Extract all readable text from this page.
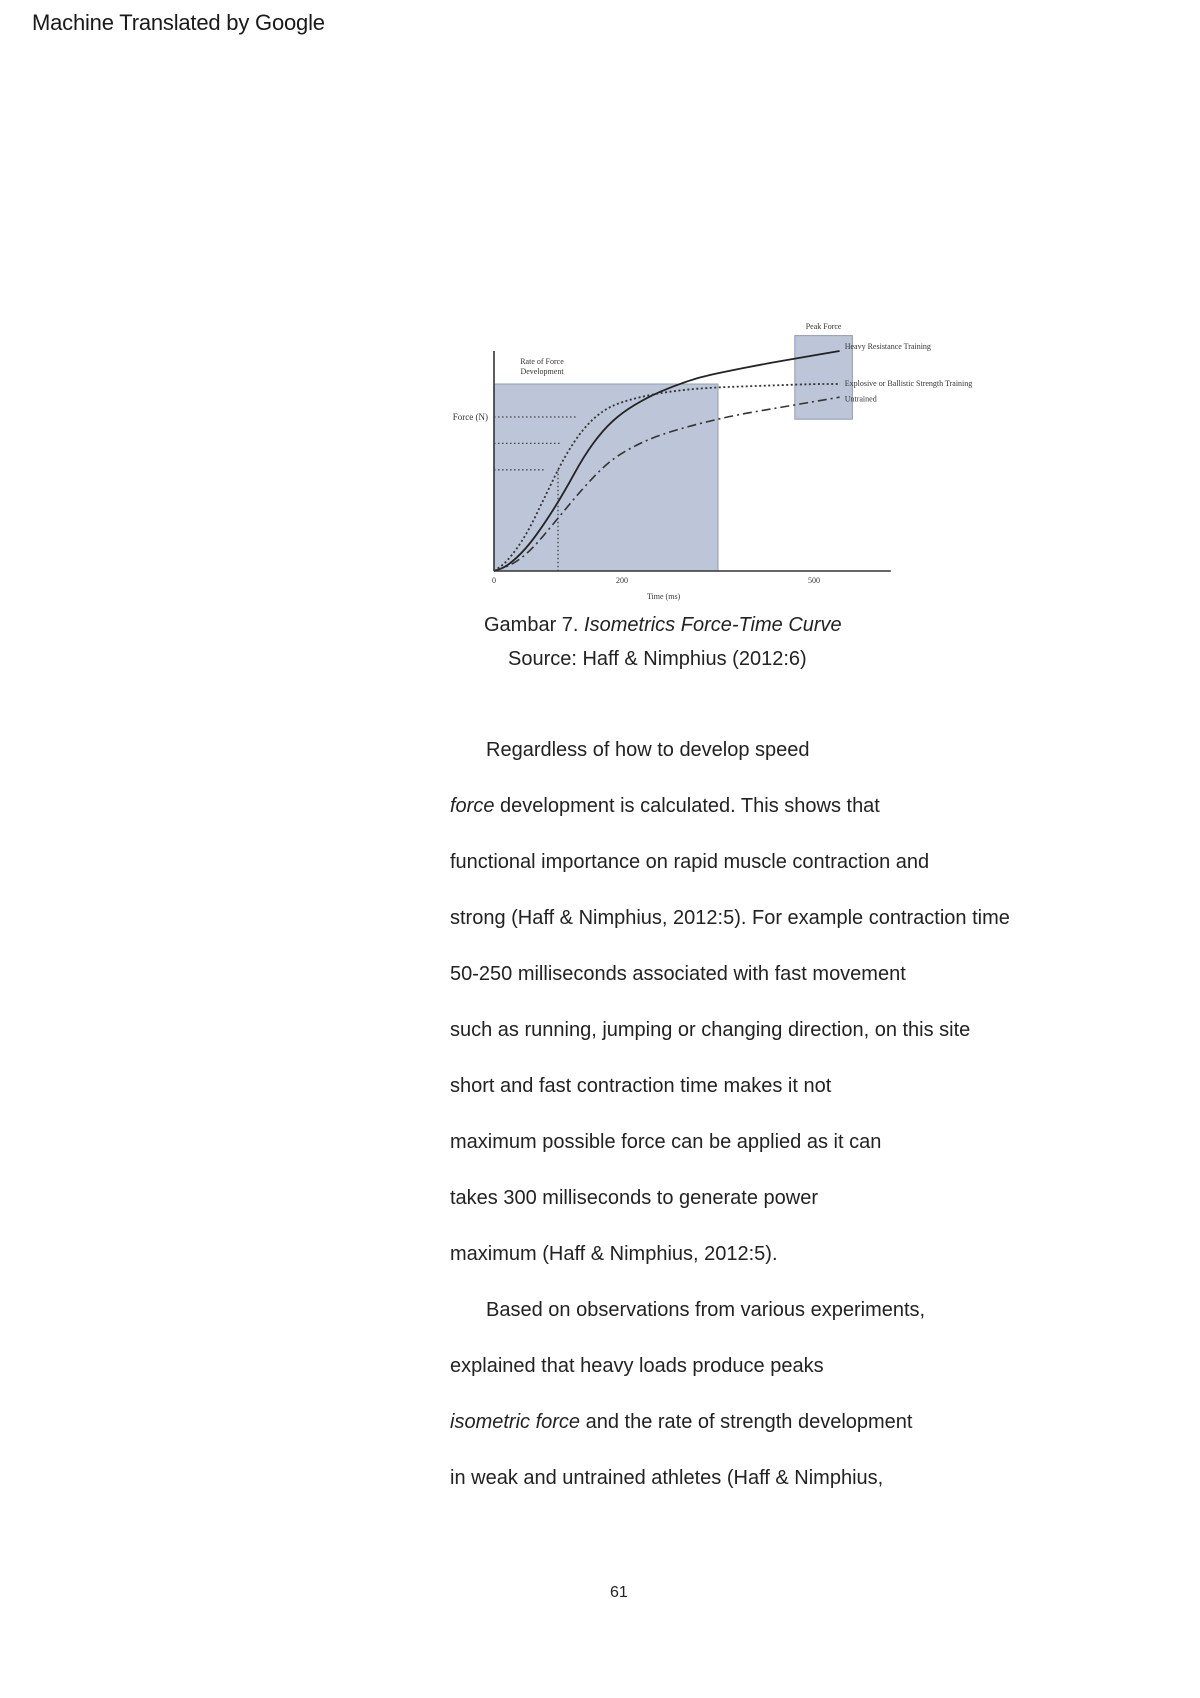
Machine Translated by Google
0	200	500
Force (N)
Time (ms)
Rate of Force
Development
Peak Force
Heavy Resistance Training
Explosive or Ballistic Strength Training
Untrained
Gambar 7. Isometrics Force-Time Curve
Source: Haff & Nimphius (2012:6)
Regardless of how to develop speed
force development is calculated. This shows that
functional importance on rapid muscle contraction and
strong (Haff & Nimphius, 2012:5). For example contraction time
50-250 milliseconds associated with fast movement
such as running, jumping or changing direction, on this site
short and fast contraction time makes it not
maximum possible force can be applied as it can
takes 300 milliseconds to generate power
maximum (Haff & Nimphius, 2012:5).
Based on observations from various experiments,
explained that heavy loads produce peaks
isometric force and the rate of strength development
in weak and untrained athletes (Haff & Nimphius,
61
